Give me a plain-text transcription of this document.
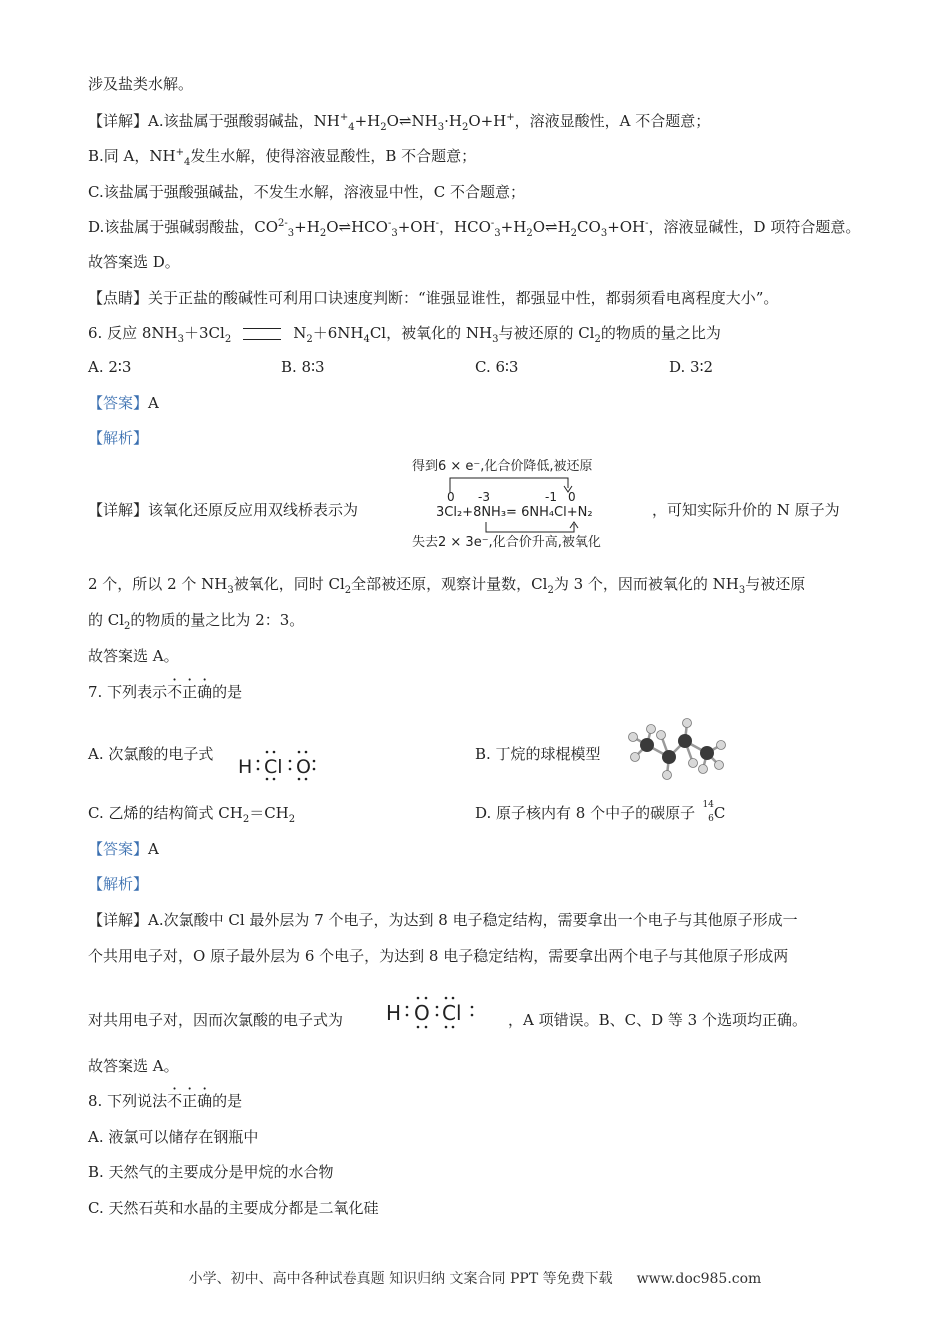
涉及盐类水解。
【详解】A.该盐属于强酸弱碱盐，$NH^+_4+H_2O\rightleftharpoons NH_3\cdot H_2O+H^+$，溶液显酸性，A 不合题意；
B.同 A，$NH^+_4$发生水解，使得溶液显酸性，B 不合题意；
C.该盐属于强酸强碱盐，不发生水解，溶液显中性，C 不合题意；
D.该盐属于强碱弱酸盐，$CO^{2-}_3+H_2O\rightleftharpoons HCO^-_3+OH^-$，$HCO^-_3+H_2O\rightleftharpoons H_2CO_3+OH^-$，溶液显碱性，D 项符合题意。
故答案选 D。
【点睛】关于正盐的酸碱性可利用口诀速度判断：“谁强显谁性，都强显中性，都弱须看电离程度大小”。
6. 反应 $8NH_3+3Cl_2$	$N_2+6NH_4Cl$，被氧化的 $NH_3$与被还原的 $Cl_2$的物质的量之比为
A. 2∶3	B. 8∶3	C. 6∶3	D. 3∶2
【答案】A
【解析】
【详解】该氧化还原反应用双线桥表示为	，可知实际升价的 N 原子为
得到6 × e⁻,化合价降低,被还原
0 -3	-1 0
3Cl₂+8NH₃= 6NH₄Cl+N₂
失去2 × 3e⁻,化合价升高,被氧化
2 个，所以 2 个 $NH_3$被氧化，同时 $Cl_2$全部被还原，观察计量数，$Cl_2$为 3 个，因而被氧化的 $NH_3$与被还原
的 $Cl_2$的物质的量之比为 2：3。
故答案选 A。
7. 下列表示不正确的是
A. 次氯酸的电子式
H Cl O
B. 丁烷的球棍模型
C. 乙烯的结构简式 $CH_2=CH_2$	D. 原子核内有 8 个中子的碳原子 14
6 C
【答案】A
【解析】
【详解】A.次氯酸中 Cl 最外层为 7 个电子，为达到 8 电子稳定结构，需要拿出一个电子与其他原子形成一
个共用电子对，O 原子最外层为 6 个电子，为达到 8 电子稳定结构，需要拿出两个电子与其他原子形成两
对共用电子对，因而次氯酸的电子式为 H O Cl	，A 项错误。B、C、D 等 3 个选项均正确。
故答案选 A。
8. 下列说法不正确的是
A. 液氯可以储存在钢瓶中
B. 天然气的主要成分是甲烷的水合物
C. 天然石英和水晶的主要成分都是二氧化硅
小学、初中、高中各种试卷真题 知识归纳 文案合同 PPT 等免费下载 www.doc985.com
